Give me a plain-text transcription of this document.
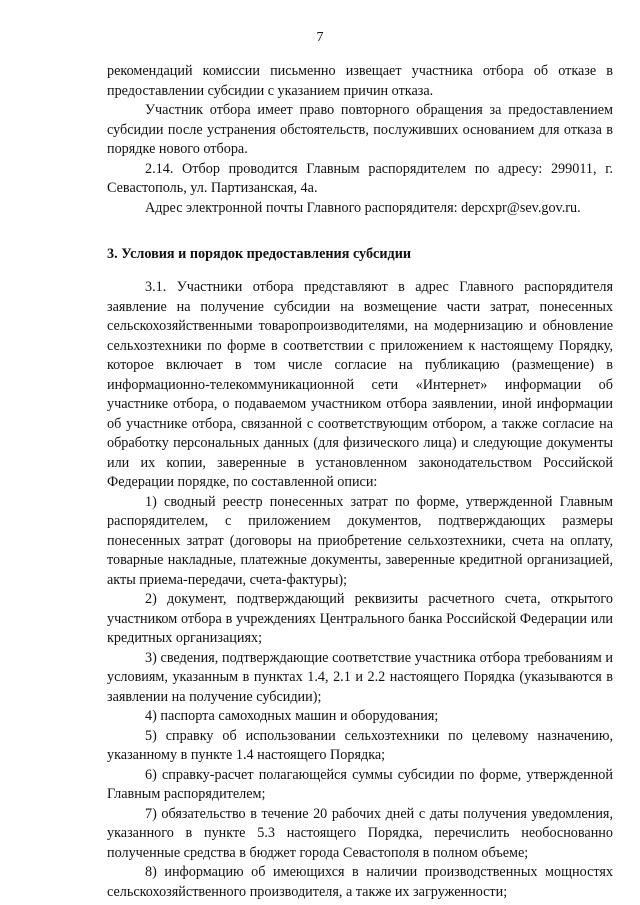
7

рекомендаций комиссии письменно извещает участника отбора об отказе в предоставлении субсидии с указанием причин отказа.

Участник отбора имеет право повторного обращения за предоставлением субсидии после устранения обстоятельств, послуживших основанием для отказа в порядке нового отбора.

2.14. Отбор проводится Главным распорядителем по адресу: 299011, г. Севастополь, ул. Партизанская, 4а.

Адрес электронной почты Главного распорядителя: depcxpr@sev.gov.ru.

3. Условия и порядок предоставления субсидии

3.1. Участники отбора представляют в адрес Главного распорядителя заявление на получение субсидии на возмещение части затрат, понесенных сельскохозяйственными товаропроизводителями, на модернизацию и обновление сельхозтехники по форме в соответствии с приложением к настоящему Порядку, которое включает в том числе согласие на публикацию (размещение) в информационно-телекоммуникационной сети «Интернет» информации об участнике отбора, о подаваемом участником отбора заявлении, иной информации об участнике отбора, связанной с соответствующим отбором, а также согласие на обработку персональных данных (для физического лица) и следующие документы или их копии, заверенные в установленном законодательством Российской Федерации порядке, по составленной описи:

1) сводный реестр понесенных затрат по форме, утвержденной Главным распорядителем, с приложением документов, подтверждающих размеры понесенных затрат (договоры на приобретение сельхозтехники, счета на оплату, товарные накладные, платежные документы, заверенные кредитной организацией, акты приема-передачи, счета-фактуры);

2) документ, подтверждающий реквизиты расчетного счета, открытого участником отбора в учреждениях Центрального банка Российской Федерации или кредитных организациях;

3) сведения, подтверждающие соответствие участника отбора требованиям и условиям, указанным в пунктах 1.4, 2.1 и 2.2 настоящего Порядка (указываются в заявлении на получение субсидии);

4) паспорта самоходных машин и оборудования;

5) справку об использовании сельхозтехники по целевому назначению, указанному в пункте 1.4 настоящего Порядка;

6) справку-расчет полагающейся суммы субсидии по форме, утвержденной Главным распорядителем;

7) обязательство в течение 20 рабочих дней с даты получения уведомления, указанного в пункте 5.3 настоящего Порядка, перечислить необоснованно полученные средства в бюджет города Севастополя в полном объеме;

8) информацию об имеющихся в наличии производственных мощностях сельскохозяйственного производителя, а также их загруженности;
